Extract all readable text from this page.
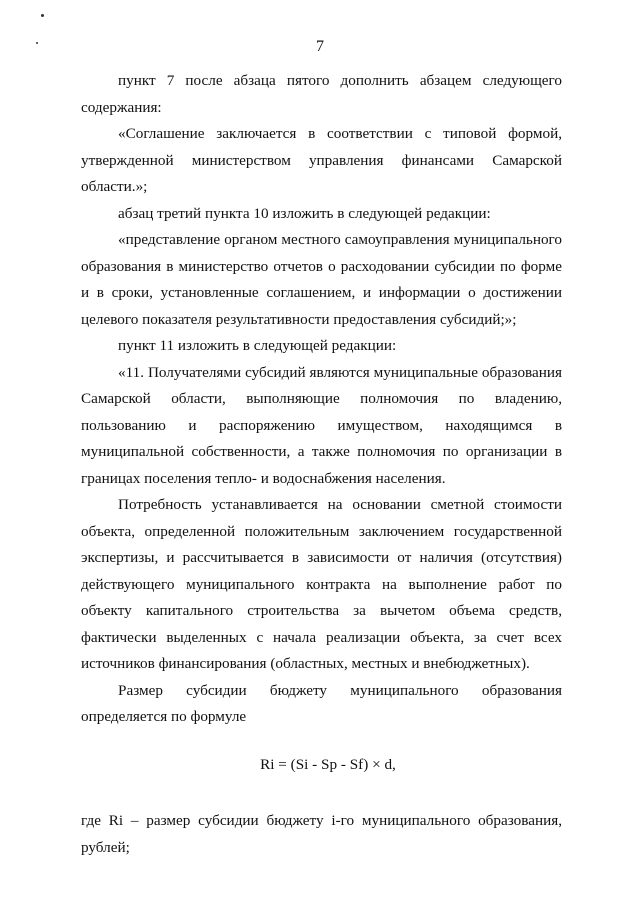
7

пункт 7 после абзаца пятого дополнить абзацем следующего содержания:

«Соглашение заключается в соответствии с типовой формой, утвержденной министерством управления финансами Самарской области.»;

абзац третий пункта 10 изложить в следующей редакции:

«представление органом местного самоуправления муниципального образования в министерство отчетов о расходовании субсидии по форме и в сроки, установленные соглашением, и информации о достижении целевого показателя результативности предоставления субсидий;»;

пункт 11 изложить в следующей редакции:

«11. Получателями субсидий являются муниципальные образования Самарской области, выполняющие полномочия по владению, пользованию и распоряжению имуществом, находящимся в муниципальной собственности, а также полномочия по организации в границах поселения тепло- и водоснабжения населения.

Потребность устанавливается на основании сметной стоимости объекта, определенной положительным заключением государственной экспертизы, и рассчитывается в зависимости от наличия (отсутствия) действующего муниципального контракта на выполнение работ по объекту капитального строительства за вычетом объема средств, фактически выделенных с начала реализации объекта, за счет всех источников финансирования (областных, местных и внебюджетных).

Размер субсидии бюджету муниципального образования определяется по формуле

Ri = (Si - Sp - Sf) × d,

где Ri – размер субсидии бюджету i-го муниципального образования, рублей;
